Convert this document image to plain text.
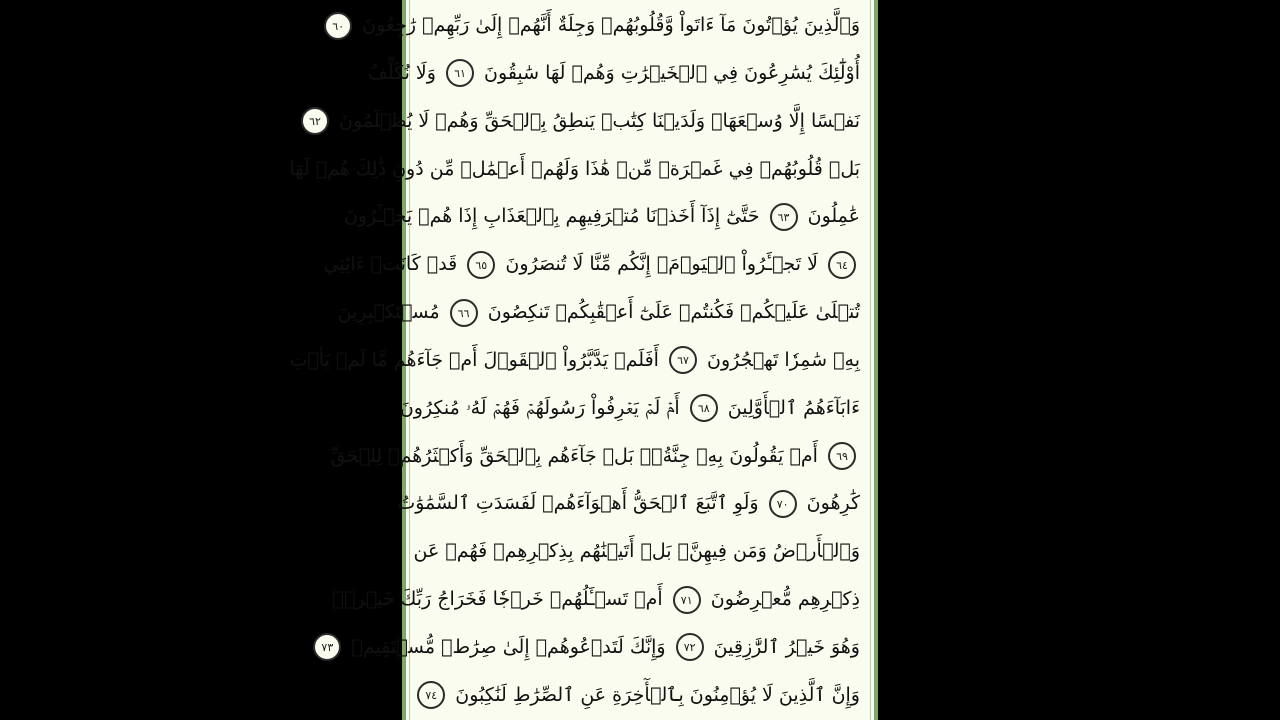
وَٱلَّذِينَ يُؤۡتُونَ مَآ ءَاتَواْ وَّقُلُوبُهُمۡ وَجِلَةٌ أَنَّهُمۡ إِلَىٰ رَبِّهِمۡ رَٰجِعُونَ ٦٠
أُوْلَٰٓئِكَ يُسَٰرِعُونَ فِي ٱلۡخَيۡرَٰتِ وَهُمۡ لَهَا سَٰبِقُونَ ٦١ وَلَا نُكَلِّفُ
نَفۡسًا إِلَّا وُسۡعَهَاۖ وَلَدَيۡنَا كِتَٰبٞ يَنطِقُ بِٱلۡحَقِّ وَهُمۡ لَا يُظۡلَمُونَ ٦٢
بَلۡ قُلُوبُهُمۡ فِي غَمۡرَةٖ مِّنۡ هَٰذَا وَلَهُمۡ أَعۡمَٰلٞ مِّن دُونِ ذَٰلِكَ هُمۡ لَهَا
عَٰمِلُونَ ٦٣ حَتَّىٰٓ إِذَآ أَخَذۡنَا مُتۡرَفِيهِم بِٱلۡعَذَابِ إِذَا هُمۡ يَجۡـَٔرُونَ
٦٤ لَا تَجۡـَٔرُواْ ٱلۡيَوۡمَۖ إِنَّكُم مِّنَّا لَا تُنصَرُونَ ٦٥ قَدۡ كَانَتۡ ءَايَٰتِي
تُتۡلَىٰ عَلَيۡكُمۡ فَكُنتُمۡ عَلَىٰٓ أَعۡقَٰبِكُمۡ تَنكِصُونَ ٦٦ مُسۡتَكۡبِرِينَ
بِهِۦ سَٰمِرٗا تَهۡجُرُونَ ٦٧ أَفَلَمۡ يَدَّبَّرُواْ ٱلۡقَوۡلَ أَمۡ جَآءَهُم مَّا لَمۡ يَأۡتِ
ءَابَآءَهُمُ ٱلۡأَوَّلِينَ ٦٨ أَمۡ لَمۡ يَعۡرِفُواْ رَسُولَهُمۡ فَهُمۡ لَهُۥ مُنكِرُونَ
٦٩ أَمۡ يَقُولُونَ بِهِۦ جِنَّةُۢۚ بَلۡ جَآءَهُم بِٱلۡحَقِّ وَأَكۡثَرُهُمۡ لِلۡحَقِّ
كَٰرِهُونَ ٧٠ وَلَوِ ٱتَّبَعَ ٱلۡحَقُّ أَهۡوَآءَهُمۡ لَفَسَدَتِ ٱلسَّمَٰوَٰتُ
وَٱلۡأَرۡضُ وَمَن فِيهِنَّۚ بَلۡ أَتَيۡنَٰهُم بِذِكۡرِهِمۡ فَهُمۡ عَن
ذِكۡرِهِم مُّعۡرِضُونَ ٧١ أَمۡ تَسۡـَٔلُهُمۡ خَرۡجٗا فَخَرَاجُ رَبِّكَ خَيۡرٞۖ
وَهُوَ خَيۡرُ ٱلرَّٰزِقِينَ ٧٢ وَإِنَّكَ لَتَدۡعُوهُمۡ إِلَىٰ صِرَٰطٖ مُّسۡتَقِيمٖ ٧٣
وَإِنَّ ٱلَّذِينَ لَا يُؤۡمِنُونَ بِٱلۡأٓخِرَةِ عَنِ ٱلصِّرَٰطِ لَنَٰكِبُونَ ٧٤
